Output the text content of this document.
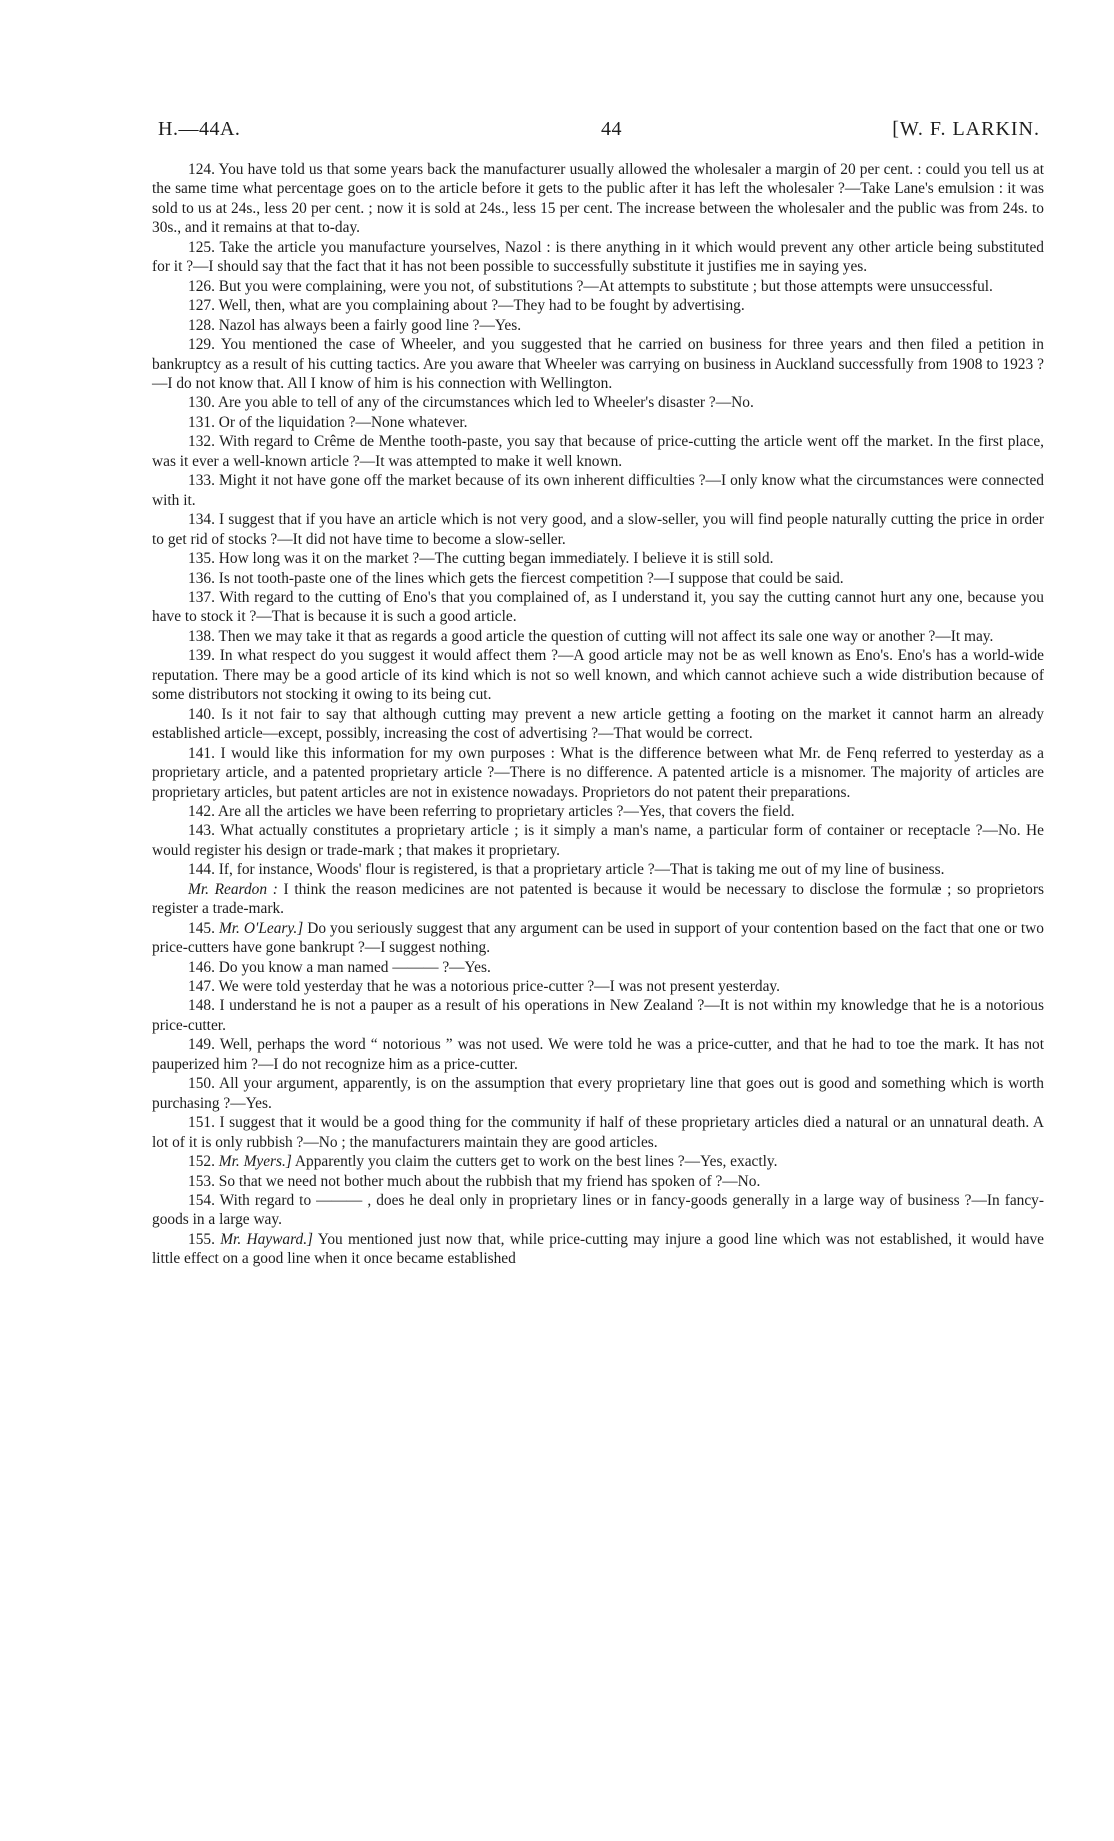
H.—44A.	44	[W. F. LARKIN.

124. You have told us that some years back the manufacturer usually allowed the wholesaler a margin of 20 per cent. : could you tell us at the same time what percentage goes on to the article before it gets to the public after it has left the wholesaler ?—Take Lane's emulsion : it was sold to us at 24s., less 20 per cent. ; now it is sold at 24s., less 15 per cent. The increase between the wholesaler and the public was from 24s. to 30s., and it remains at that to-day.

125. Take the article you manufacture yourselves, Nazol : is there anything in it which would prevent any other article being substituted for it ?—I should say that the fact that it has not been possible to successfully substitute it justifies me in saying yes.

126. But you were complaining, were you not, of substitutions ?—At attempts to substitute ; but those attempts were unsuccessful.

127. Well, then, what are you complaining about ?—They had to be fought by advertising.

128. Nazol has always been a fairly good line ?—Yes.

129. You mentioned the case of Wheeler, and you suggested that he carried on business for three years and then filed a petition in bankruptcy as a result of his cutting tactics. Are you aware that Wheeler was carrying on business in Auckland successfully from 1908 to 1923 ?—I do not know that. All I know of him is his connection with Wellington.

130. Are you able to tell of any of the circumstances which led to Wheeler's disaster ?—No.

131. Or of the liquidation ?—None whatever.

132. With regard to Crême de Menthe tooth-paste, you say that because of price-cutting the article went off the market. In the first place, was it ever a well-known article ?—It was attempted to make it well known.

133. Might it not have gone off the market because of its own inherent difficulties ?—I only know what the circumstances were connected with it.

134. I suggest that if you have an article which is not very good, and a slow-seller, you will find people naturally cutting the price in order to get rid of stocks ?—It did not have time to become a slow-seller.

135. How long was it on the market ?—The cutting began immediately. I believe it is still sold.

136. Is not tooth-paste one of the lines which gets the fiercest competition ?—I suppose that could be said.

137. With regard to the cutting of Eno's that you complained of, as I understand it, you say the cutting cannot hurt any one, because you have to stock it ?—That is because it is such a good article.

138. Then we may take it that as regards a good article the question of cutting will not affect its sale one way or another ?—It may.

139. In what respect do you suggest it would affect them ?—A good article may not be as well known as Eno's. Eno's has a world-wide reputation. There may be a good article of its kind which is not so well known, and which cannot achieve such a wide distribution because of some distributors not stocking it owing to its being cut.

140. Is it not fair to say that although cutting may prevent a new article getting a footing on the market it cannot harm an already established article—except, possibly, increasing the cost of advertising ?—That would be correct.

141. I would like this information for my own purposes : What is the difference between what Mr. de Fenq referred to yesterday as a proprietary article, and a patented proprietary article ?—There is no difference. A patented article is a misnomer. The majority of articles are proprietary articles, but patent articles are not in existence nowadays. Proprietors do not patent their preparations.

142. Are all the articles we have been referring to proprietary articles ?—Yes, that covers the field.

143. What actually constitutes a proprietary article ; is it simply a man's name, a particular form of container or receptacle ?—No. He would register his design or trade-mark ; that makes it proprietary.

144. If, for instance, Woods' flour is registered, is that a proprietary article ?—That is taking me out of my line of business.

Mr. Reardon : I think the reason medicines are not patented is because it would be necessary to disclose the formulæ ; so proprietors register a trade-mark.

145. Mr. O'Leary.] Do you seriously suggest that any argument can be used in support of your contention based on the fact that one or two price-cutters have gone bankrupt ?—I suggest nothing.

146. Do you know a man named ——— ?—Yes.

147. We were told yesterday that he was a notorious price-cutter ?—I was not present yesterday.

148. I understand he is not a pauper as a result of his operations in New Zealand ?—It is not within my knowledge that he is a notorious price-cutter.

149. Well, perhaps the word “ notorious ” was not used. We were told he was a price-cutter, and that he had to toe the mark. It has not pauperized him ?—I do not recognize him as a price-cutter.

150. All your argument, apparently, is on the assumption that every proprietary line that goes out is good and something which is worth purchasing ?—Yes.

151. I suggest that it would be a good thing for the community if half of these proprietary articles died a natural or an unnatural death. A lot of it is only rubbish ?—No ; the manufacturers maintain they are good articles.

152. Mr. Myers.] Apparently you claim the cutters get to work on the best lines ?—Yes, exactly.

153. So that we need not bother much about the rubbish that my friend has spoken of ?—No.

154. With regard to ——— , does he deal only in proprietary lines or in fancy-goods generally in a large way of business ?—In fancy-goods in a large way.

155. Mr. Hayward.] You mentioned just now that, while price-cutting may injure a good line which was not established, it would have little effect on a good line when it once became established
